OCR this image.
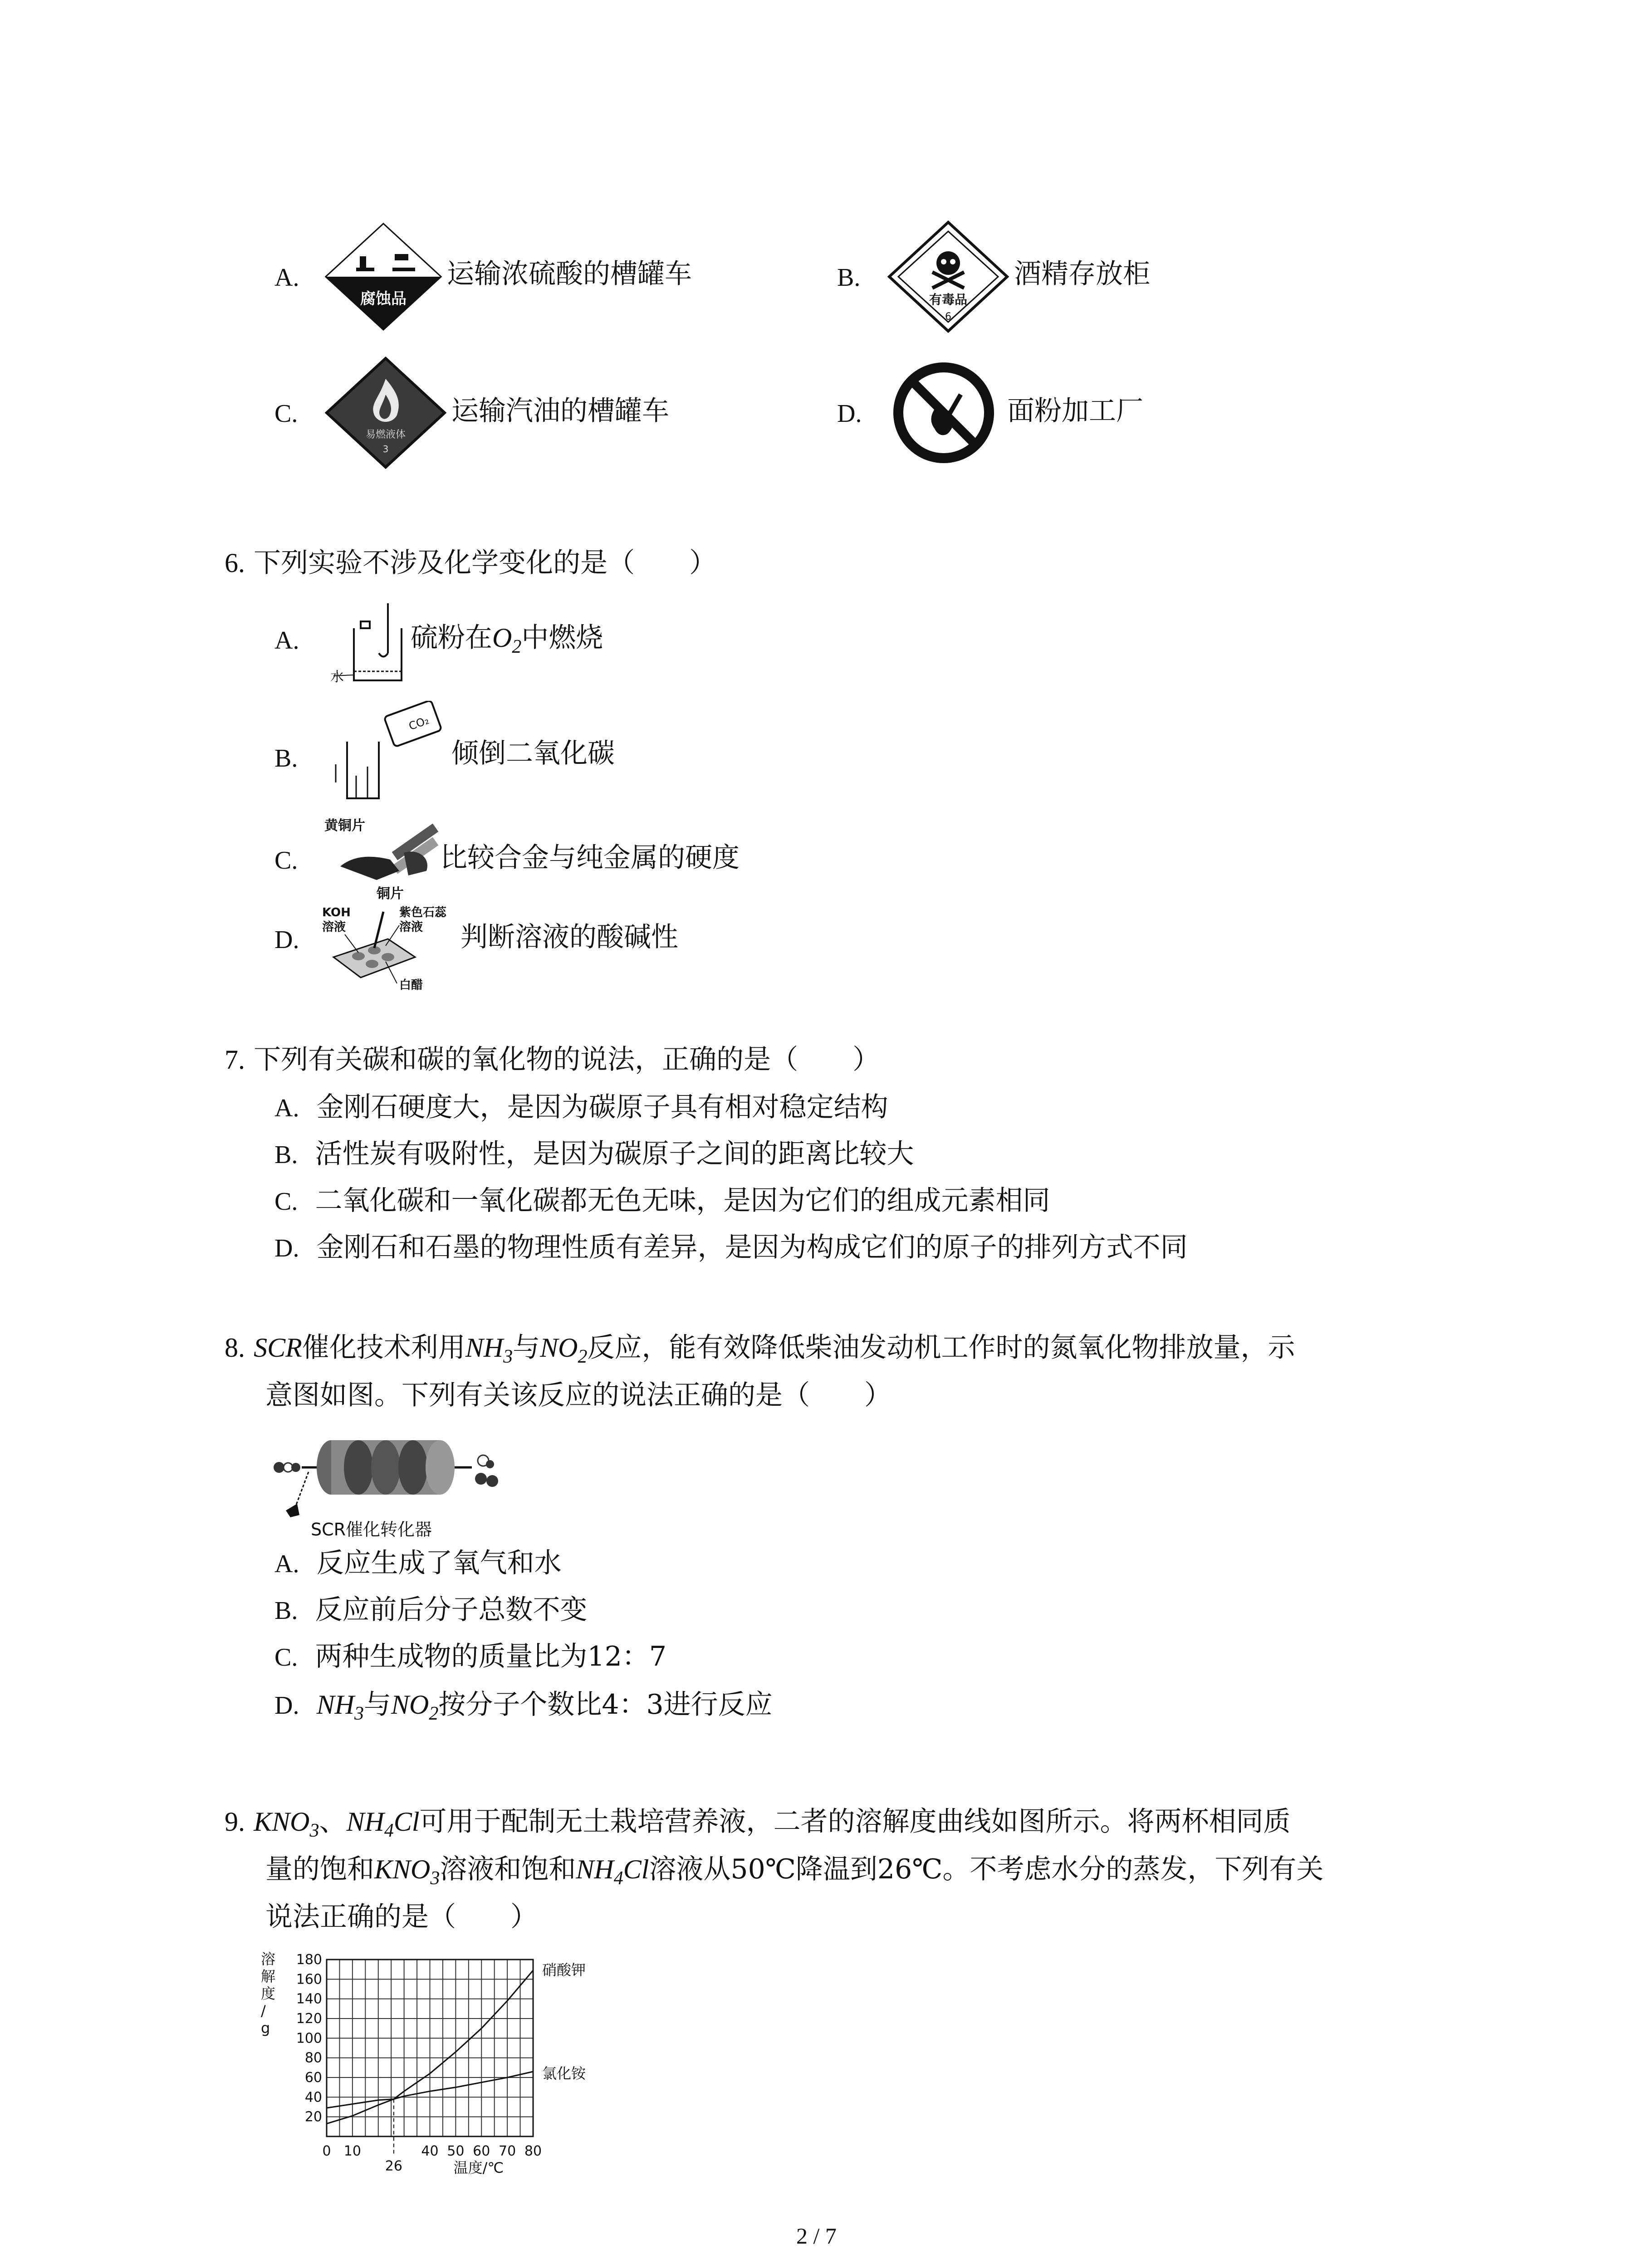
A.
腐蚀品
运输浓硫酸的槽罐车	B.
有毒品
6
酒精存放柜
C.
易燃液体
3
运输汽油的槽罐车	D.	面粉加工厂
6. 下列实验不涉及化学变化的是（　　）
A.
水
硫粉在$O_2$中燃烧
B.
CO₂
倾倒二氧化碳
C.
黄铜片
铜片
比较合金与纯金属的硬度
D.
KOH
溶液
紫色石蕊
溶液
白醋
判断溶液的酸碱性
7. 下列有关碳和碳的氧化物的说法，正确的是（　　）
A. 金刚石硬度大，是因为碳原子具有相对稳定结构
B. 活性炭有吸附性，是因为碳原子之间的距离比较大
C. 二氧化碳和一氧化碳都无色无味，是因为它们的组成元素相同
D. 金刚石和石墨的物理性质有差异，是因为构成它们的原子的排列方式不同
8. SCR催化技术利用$NH_3$与$NO_2$反应，能有效降低柴油发动机工作时的氮氧化物排放量，示
意图如图。下列有关该反应的说法正确的是（　　）
SCR催化转化器
A. 反应生成了氧气和水
B. 反应前后分子总数不变
C. 两种生成物的质量比为12：7
D. $NH_3$与$NO_2$按分子个数比4：3进行反应
9. $KNO_3$、$NH_4Cl$可用于配制无土栽培营养液，二者的溶解度曲线如图所示。将两杯相同质
量的饱和$KNO_3$溶液和饱和$NH_4Cl$溶液从50℃降温到26℃。不考虑水分的蒸发，下列有关
说法正确的是（　　）
180
160
140
120
100
80
60
40
20
0 10
26
40 50 60 70 80
硝酸钾
氯化铵
溶解度/ g
温度/℃
2 / 7
